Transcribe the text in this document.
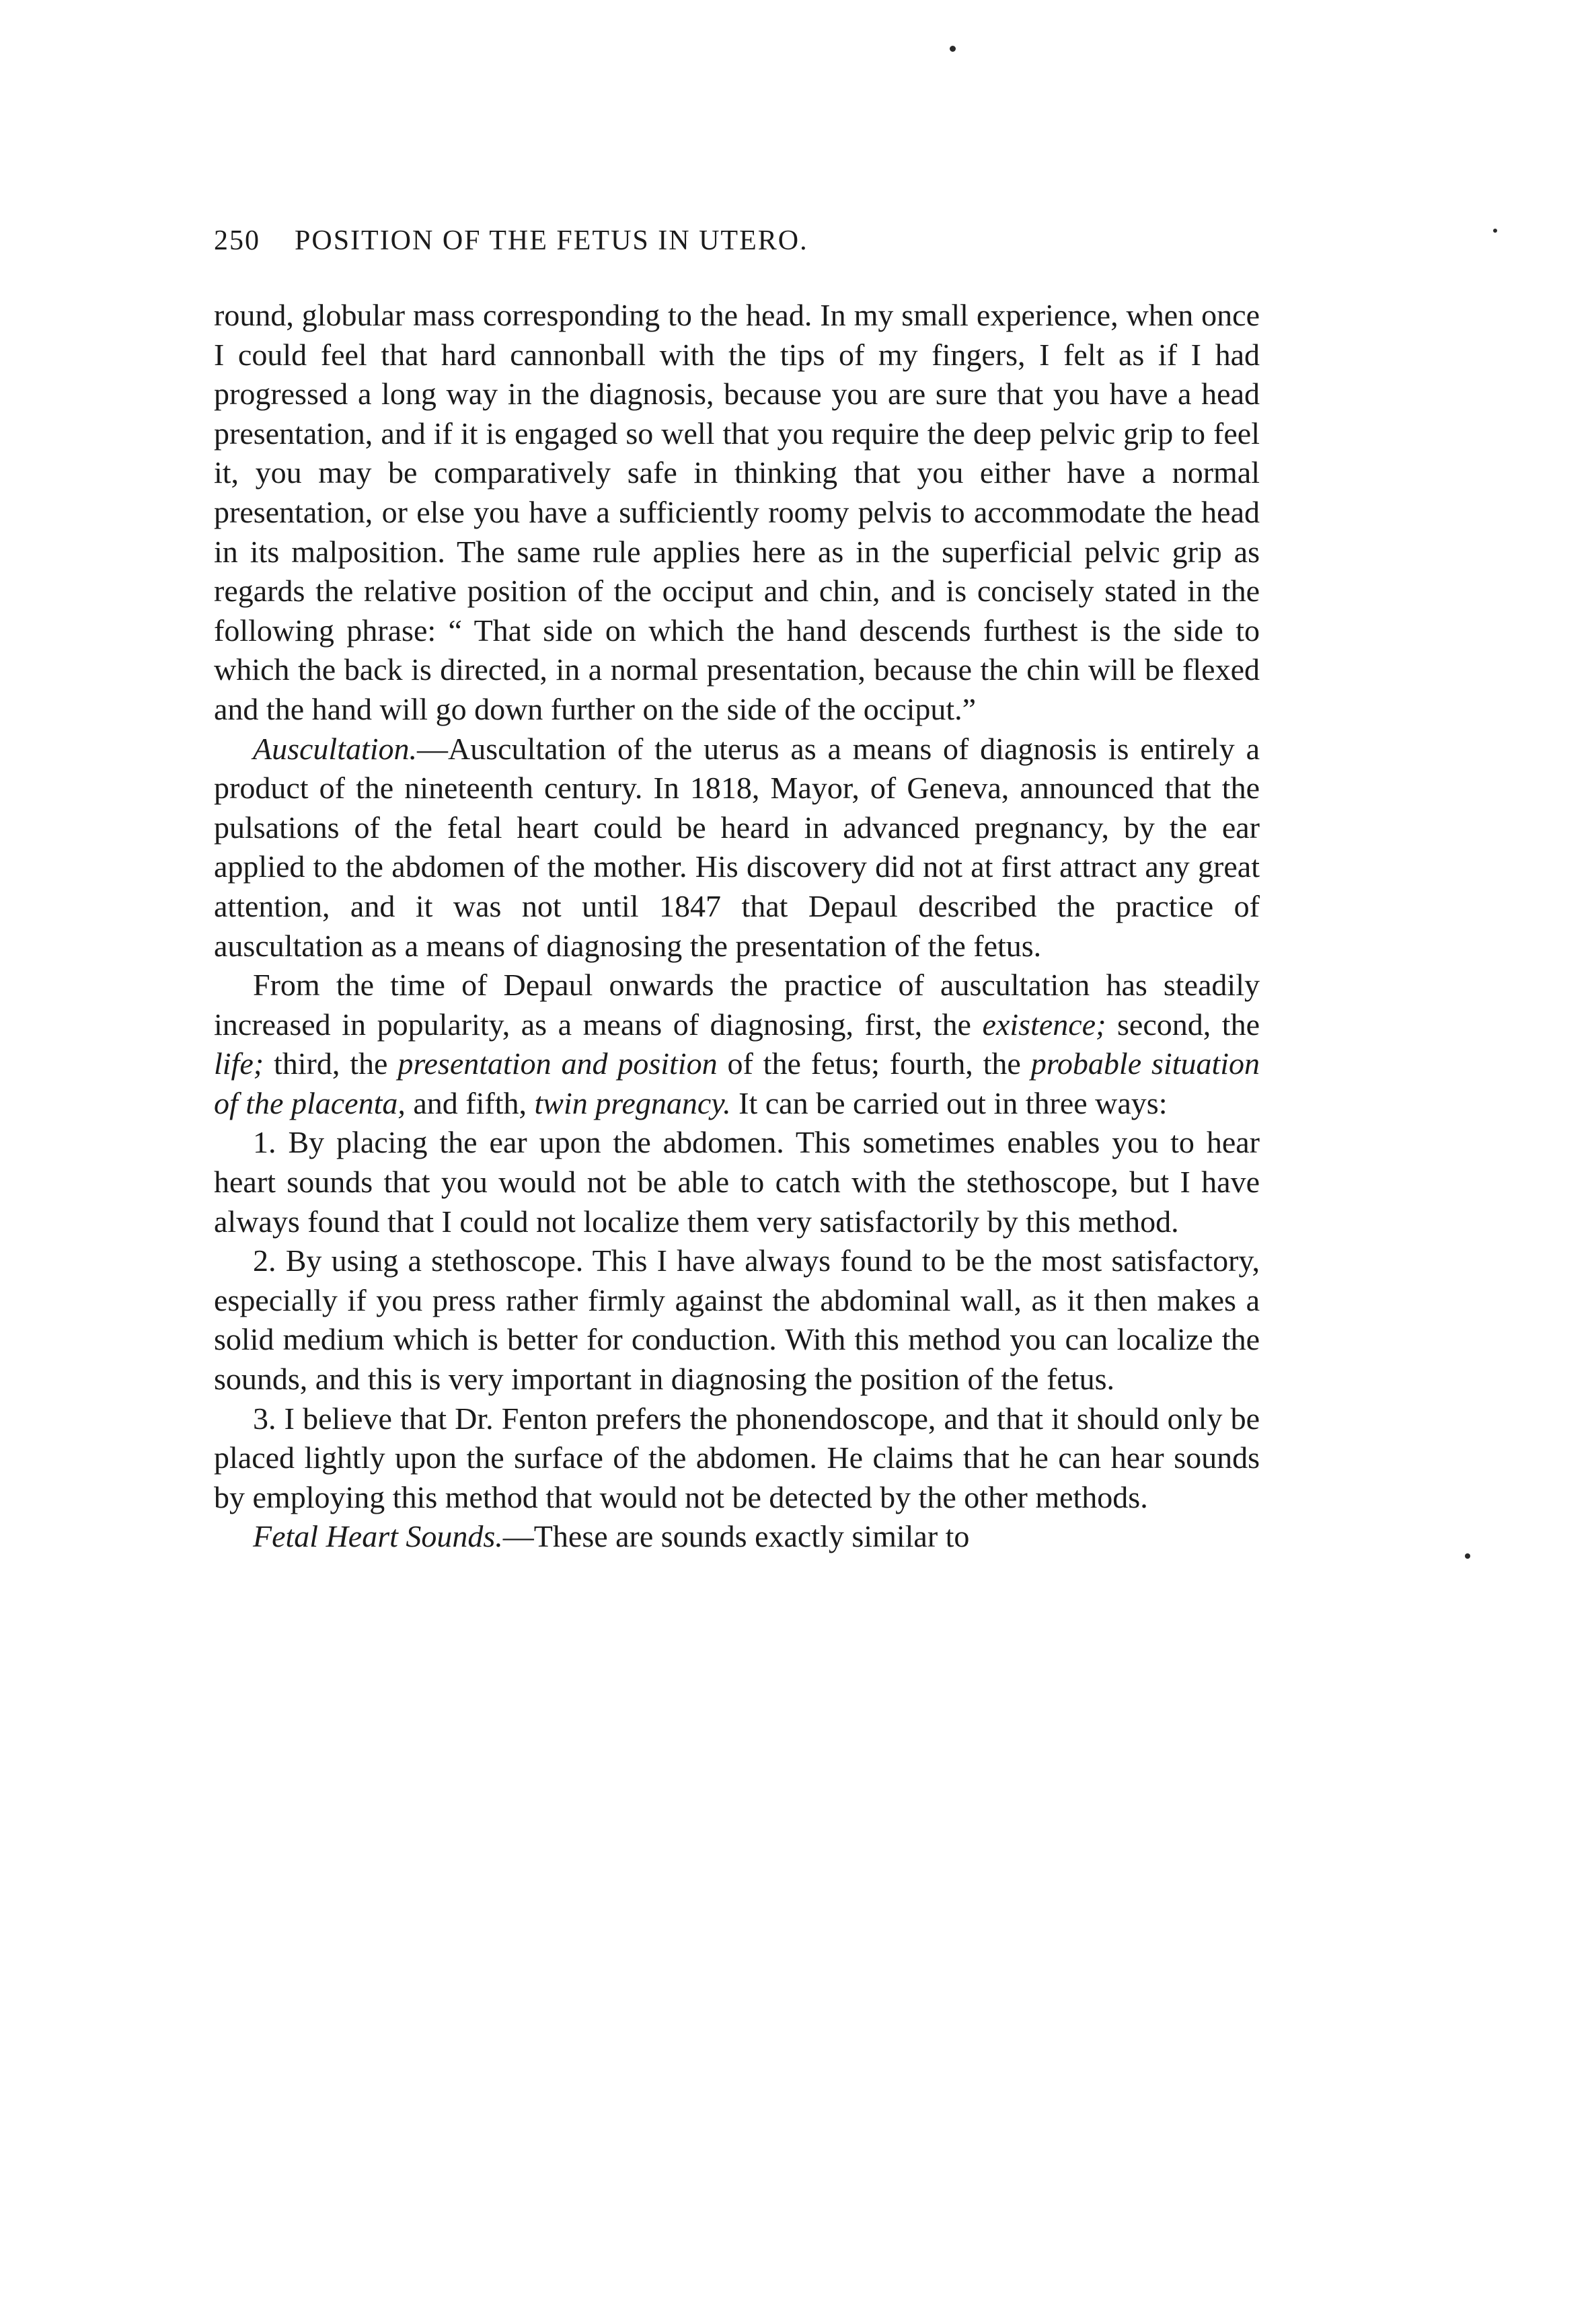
250 POSITION OF THE FETUS IN UTERO.

round, globular mass corresponding to the head. In my small experience, when once I could feel that hard cannonball with the tips of my fingers, I felt as if I had progressed a long way in the diagnosis, because you are sure that you have a head presentation, and if it is engaged so well that you require the deep pelvic grip to feel it, you may be comparatively safe in thinking that you either have a normal presentation, or else you have a sufficiently roomy pelvis to accommodate the head in its malposition. The same rule applies here as in the superficial pelvic grip as regards the relative position of the occiput and chin, and is concisely stated in the following phrase: “ That side on which the hand descends furthest is the side to which the back is directed, in a normal presentation, because the chin will be flexed and the hand will go down further on the side of the occiput.”

Auscultation.—Auscultation of the uterus as a means of diagnosis is entirely a product of the nineteenth century. In 1818, Mayor, of Geneva, announced that the pulsations of the fetal heart could be heard in advanced pregnancy, by the ear applied to the abdomen of the mother. His discovery did not at first attract any great attention, and it was not until 1847 that Depaul described the practice of auscultation as a means of diagnosing the presentation of the fetus.

From the time of Depaul onwards the practice of auscultation has steadily increased in popularity, as a means of diagnosing, first, the existence; second, the life; third, the presentation and position of the fetus; fourth, the probable situation of the placenta, and fifth, twin pregnancy. It can be carried out in three ways:

1. By placing the ear upon the abdomen. This sometimes enables you to hear heart sounds that you would not be able to catch with the stethoscope, but I have always found that I could not localize them very satisfactorily by this method.

2. By using a stethoscope. This I have always found to be the most satisfactory, especially if you press rather firmly against the abdominal wall, as it then makes a solid medium which is better for conduction. With this method you can localize the sounds, and this is very important in diagnosing the position of the fetus.

3. I believe that Dr. Fenton prefers the phonendoscope, and that it should only be placed lightly upon the surface of the abdomen. He claims that he can hear sounds by employing this method that would not be detected by the other methods.

Fetal Heart Sounds.—These are sounds exactly similar to
